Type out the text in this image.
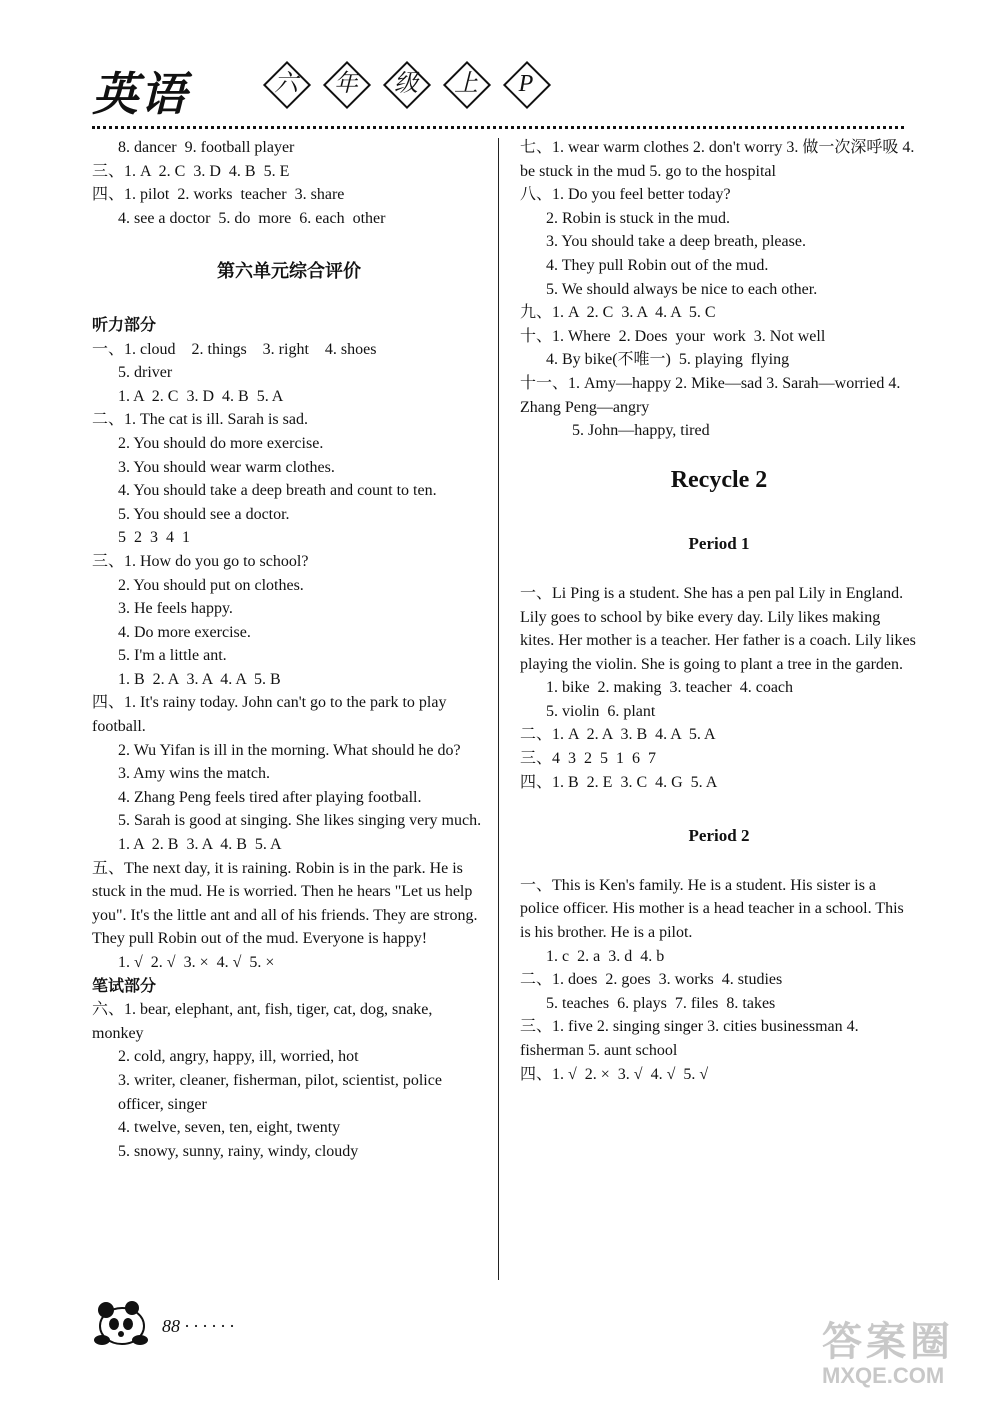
英语	六	年	级	上	P
8. dancer  9. football player
三、1. A  2. C  3. D  4. B  5. E
四、1. pilot  2. works  teacher  3. share
4. see a doctor  5. do  more  6. each  other
第六单元综合评价
听力部分
一、1. cloud    2. things    3. right    4. shoes
5. driver
1. A  2. C  3. D  4. B  5. A
二、1. The cat is ill. Sarah is sad.
2. You should do more exercise.
3. You should wear warm clothes.
4. You should take a deep breath and count to ten.
5. You should see a doctor.
5  2  3  4  1
三、1. How do you go to school?
2. You should put on clothes.
3. He feels happy.
4. Do more exercise.
5. I'm a little ant.
1. B  2. A  3. A  4. A  5. B
四、1. It's rainy today. John can't go to the park to play football.
2. Wu Yifan is ill in the morning. What should he do?
3. Amy wins the match.
4. Zhang Peng feels tired after playing football.
5. Sarah is good at singing. She likes singing very much.
1. A  2. B  3. A  4. B  5. A
五、The next day, it is raining. Robin is in the park. He is stuck in the mud. He is worried. Then he hears "Let us help you". It's the little ant and all of his friends. They are strong. They pull Robin out of the mud. Everyone is happy!
1. √  2. √  3. ×  4. √  5. ×
笔试部分
六、1. bear, elephant, ant, fish, tiger, cat, dog, snake, monkey
2. cold, angry, happy, ill, worried, hot
3. writer, cleaner, fisherman, pilot, scientist, police officer, singer
4. twelve, seven, ten, eight, twenty
5. snowy, sunny, rainy, windy, cloudy
七、1. wear warm clothes 2. don't worry 3. 做一次深呼吸 4. be stuck in the mud 5. go to the hospital
八、1. Do you feel better today?
2. Robin is stuck in the mud.
3. You should take a deep breath, please.
4. They pull Robin out of the mud.
5. We should always be nice to each other.
九、1. A  2. C  3. A  4. A  5. C
十、1. Where  2. Does  your  work  3. Not well
4. By bike(不唯一)  5. playing  flying
十一、1. Amy—happy 2. Mike—sad 3. Sarah—worried 4. Zhang Peng—angry
5. John—happy, tired
Recycle 2
Period 1
一、Li Ping is a student. She has a pen pal Lily in England. Lily goes to school by bike every day. Lily likes making kites. Her mother is a teacher. Her father is a coach. Lily likes playing the violin. She is going to plant a tree in the garden.
1. bike  2. making  3. teacher  4. coach
5. violin  6. plant
二、1. A  2. A  3. B  4. A  5. A
三、4  3  2  5  1  6  7
四、1. B  2. E  3. C  4. G  5. A
Period 2
一、This is Ken's family. He is a student. His sister is a police officer. His mother is a head teacher in a school. This is his brother. He is a pilot.
1. c  2. a  3. d  4. b
二、1. does  2. goes  3. works  4. studies
5. teaches  6. plays  7. files  8. takes
三、1. five 2. singing singer 3. cities businessman 4. fisherman 5. aunt school
四、1. √  2. ×  3. √  4. √  5. √
88 · · · · · ·	答案圈
MXQE.COM
